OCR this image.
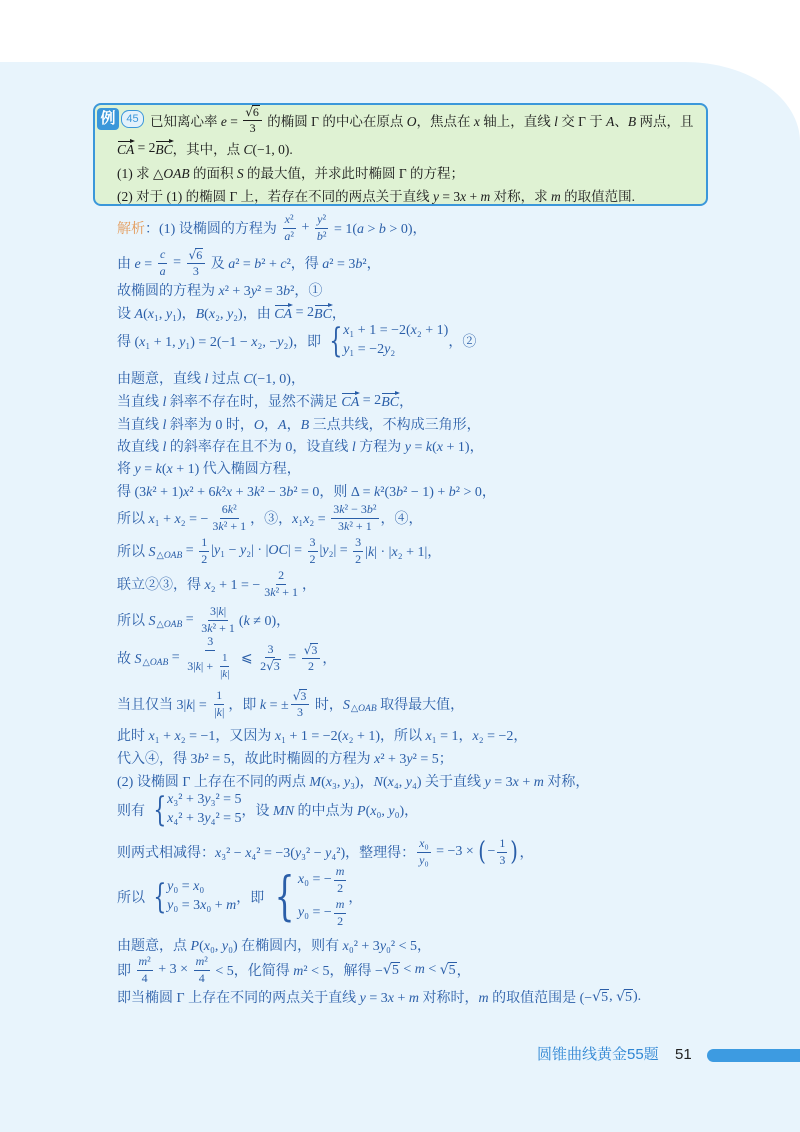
例 45 已知离心率 e =
√ $\frac{6}{3}$ 的椭圆 Γ 的中心在原点 O，焦点在 x 轴上，直线 l 交 Γ 于 A、B 两点，且
CA = 2 BC ，其中，点 C(−1, 0).
(1) 求 △OAB 的面积 S 的最大值，并求此时椭圆 Γ 的方程；
(2) 对于 (1) 的椭圆 Γ 上，若存在不同的两点关于直线 y = 3x + m 对称，求 m 的取值范围.
解析 ：(1) 设椭圆的方程为 $\frac{\text{x ²}}{\text{a ²}} + \frac{\text{y ²}}{\text{b ²}} = 1(a > b > 0)$，
由 $e = \frac{c}{a}$ =
√ $\frac{6}{3}$ 及 a² = b² + c²，得 a² = 3b²，
故椭圆的方程为 x² + 3y² = 3b²，①
设 A(x₁, y₁)，B(x₂, y₂)，由 CA = 2 BC ，
得 (x₁ + 1, y₁) = 2(−1 − x₂, −y₂)，即
{ x ₁ + 1 = −2( x ₂ + 1)
y ₁ = −2 y ₂	，②
由题意，直线 l 过点 C(−1, 0)，
当直线 l 斜率不存在时，显然不满足 CA = 2 BC ，
当直线 l 斜率为 0 时，O，A，B 三点共线，不构成三角形，
故直线 l 的斜率存在且不为 0，设直线 l 方程为 y = k(x + 1)，
将 y = k(x + 1) 代入椭圆方程，
得 (3k² + 1)x² + 6k²x + 3k² − 3b² = 0，则 Δ = k²(3b² − 1) + b² > 0，
所以 x₁ + x₂ = − $\frac{\text{6 k ²}}{\text{3 k ² + 1}}$ ，③，$x_1x_2 = \frac{\text{3 k ² − 3 b ²}}{\text{3 k ² + 1}}$ ，④，
所以 S △OAB = $\frac{1}{2} |y_1 - y_2| \cdot |OC| = \frac{3}{2} |y_2| = \frac{3}{2} |k| \cdot |x_2 + 1|$，
联立②③，得 x₂ + 1 = − $\frac{2}{\text{3 k ² + 1}}$ ，
所以 S △OAB = $\frac{3| k |}{\text{3 k ² + 1}} (k \ne 0)$，
故 S △OAB = $\frac{3}{3|k| + \frac{1}{| k |}}$ ⩽ 3
2
√ 3 =
√ $\frac{3}{2}$ ，
当且仅当 $3|k| = \frac{1}{| k |}$ ，即 k = ±
√ $\frac{3}{3}$ 时，S △OAB 取得最大值，
此时 x₁ + x₂ = −1，又因为 x₁ + 1 = −2(x₂ + 1)，所以 x₁ = 1，x₂ = −2，
代入④，得 3b² = 5，故此时椭圆的方程为 x² + 3y² = 5；
(2) 设椭圆 Γ 上存在不同的两点 M(x₃, y₃)，N(x₄, y₄) 关于直线 y = 3x + m 对称，
则有
{ x ₃² + 3 y ₃² = 5
x ₄² + 3 y ₄² = 5 ，设 MN 的中点为 P(x₀, y₀)，
则两式相减得：x₃² − x₄² = −3(y₃² − y₄²)，整理得： $\frac{\text{x ₀}}{\text{y ₀}} = -3$ ×
( − $\frac{1}{3}$
) ，
所以
{ y ₀ = x ₀
y ₀ = 3 x ₀ + m ，即
{ x₀ = − $\frac{m}{2}$
y₀ = − $\frac{m}{2}$ ，
由题意，点 P(x₀, y₀) 在椭圆内，则有 x₀² + 3y₀² < 5，
即 $\frac{\text{m ²}}{4} + 3 \times \frac{\text{m ²}}{4} < 5$，化简得 m² < 5，解得 −
√ 5 < m <
√ 5 ，
即当椭圆 Γ 上存在不同的两点关于直线 y = 3x + m 对称时，m 的取值范围是 (−
√ 5 ,
√ 5 ).
圆锥曲线黄金55题 51
